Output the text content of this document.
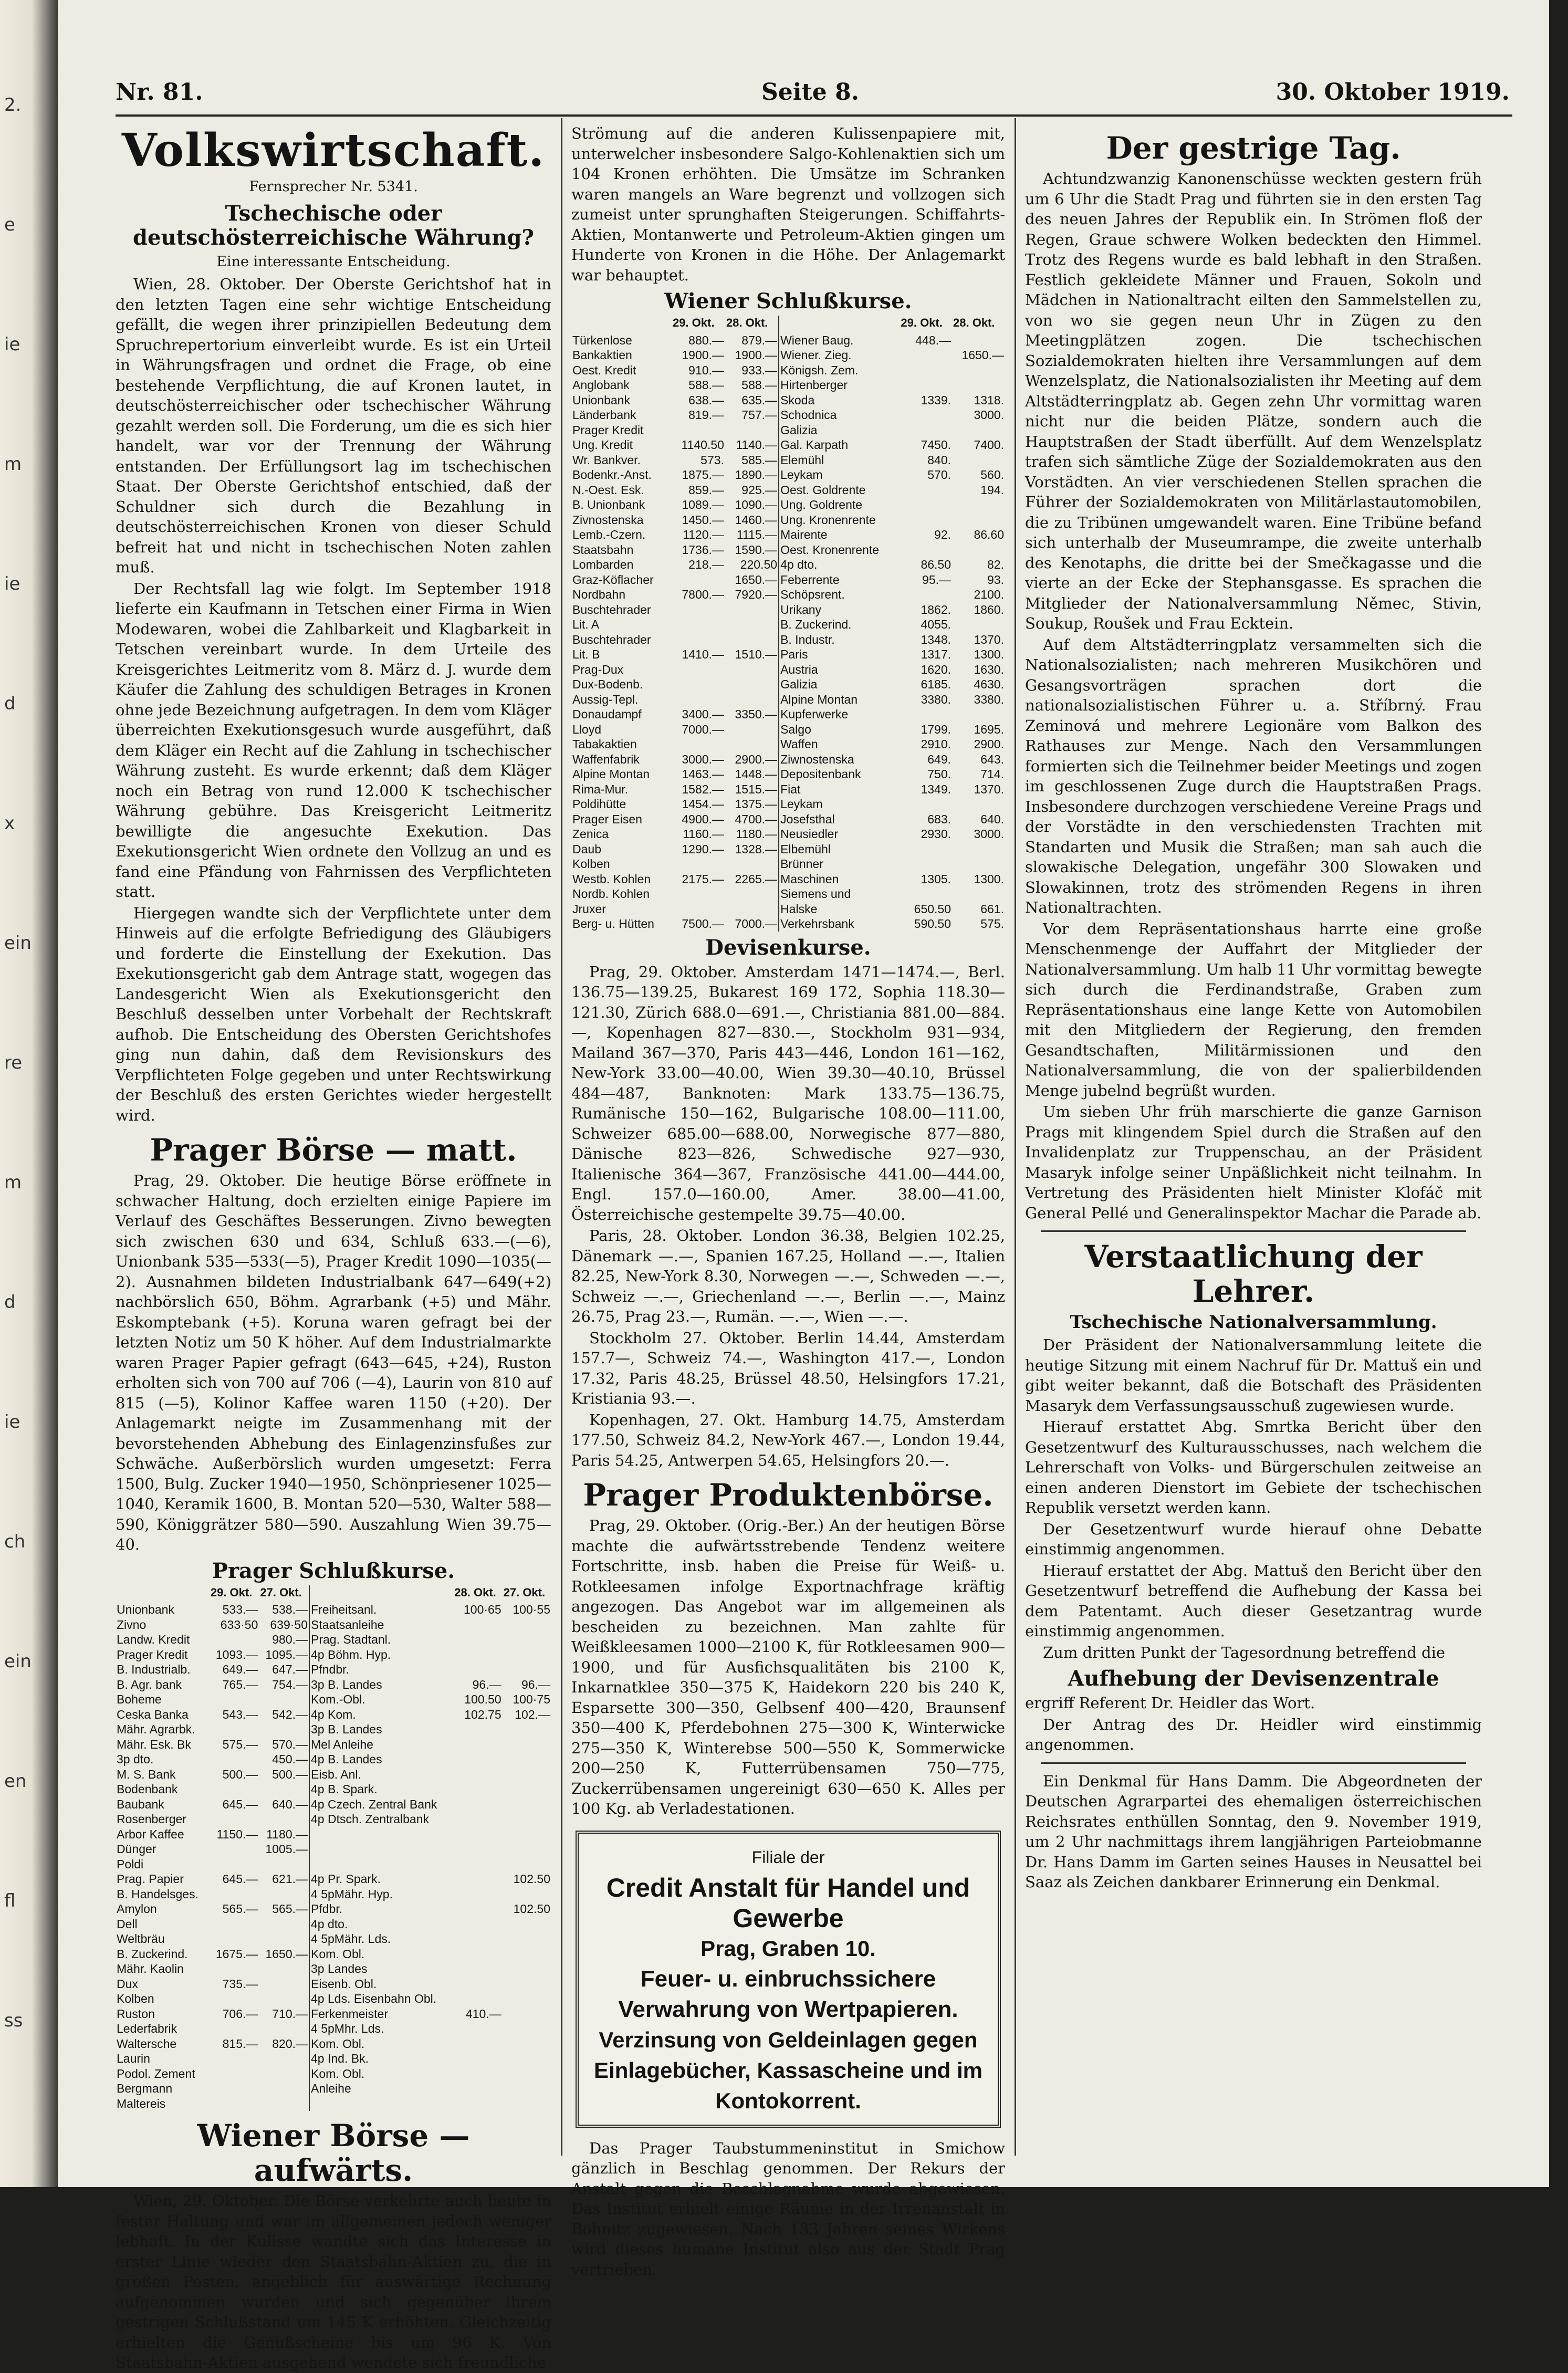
2.
e
ie
m
ie
d
x
ein
re
m
d
ie
ch
ein
en
fl
ss
Nr. 81.	Seite 8.	30. Oktober 1919.
Volkswirtschaft.
Fernsprecher Nr. 5341.
Tschechische oder deutschösterreichische Währung?
Eine interessante Entscheidung.

Wien, 28. Oktober. Der Oberste Gerichtshof hat in den letzten Tagen eine sehr wichtige Entscheidung gefällt, die wegen ihrer prinzipiellen Bedeutung dem Spruchrepertorium einverleibt wurde. Es ist ein Urteil in Währungsfragen und ordnet die Frage, ob eine bestehende Verpflichtung, die auf Kronen lautet, in deutschösterreichischer oder tschechischer Währung gezahlt werden soll. Die Forderung, um die es sich hier handelt, war vor der Trennung der Währung entstanden. Der Erfüllungsort lag im tschechischen Staat. Der Oberste Gerichtshof entschied, daß der Schuldner sich durch die Bezahlung in deutschösterreichischen Kronen von dieser Schuld befreit hat und nicht in tschechischen Noten zahlen muß.

Der Rechtsfall lag wie folgt. Im September 1918 lieferte ein Kaufmann in Tetschen einer Firma in Wien Modewaren, wobei die Zahlbarkeit und Klagbarkeit in Tetschen vereinbart wurde. In dem Urteile des Kreisgerichtes Leitmeritz vom 8. März d. J. wurde dem Käufer die Zahlung des schuldigen Betrages in Kronen ohne jede Bezeichnung aufgetragen. In dem vom Kläger überreichten Exekutionsgesuch wurde ausgeführt, daß dem Kläger ein Recht auf die Zahlung in tschechischer Währung zusteht. Es wurde erkennt; daß dem Kläger noch ein Betrag von rund 12.000 K tschechischer Währung gebühre. Das Kreisgericht Leitmeritz bewilligte die angesuchte Exekution. Das Exekutionsgericht Wien ordnete den Vollzug an und es fand eine Pfändung von Fahrnissen des Verpflichteten statt.

Hiergegen wandte sich der Verpflichtete unter dem Hinweis auf die erfolgte Befriedigung des Gläubigers und forderte die Einstellung der Exekution. Das Exekutionsgericht gab dem Antrage statt, wogegen das Landesgericht Wien als Exekutionsgericht den Beschluß desselben unter Vorbehalt der Rechtskraft aufhob. Die Entscheidung des Obersten Gerichtshofes ging nun dahin, daß dem Revisionskurs des Verpflichteten Folge gegeben und unter Rechtswirkung der Beschluß des ersten Gerichtes wieder hergestellt wird.

Prager Börse — matt.

Prag, 29. Oktober. Die heutige Börse eröffnete in schwacher Haltung, doch erzielten einige Papiere im Verlauf des Geschäftes Besserungen. Zivno bewegten sich zwischen 630 und 634, Schluß 633.—(—6), Unionbank 535—533(—5), Prager Kredit 1090—1035(—2). Ausnahmen bildeten Industrialbank 647—649(+2) nachbörslich 650, Böhm. Agrarbank (+5) und Mähr. Eskomptebank (+5). Koruna waren gefragt bei der letzten Notiz um 50 K höher. Auf dem Industrialmarkte waren Prager Papier gefragt (643—645, +24), Ruston erholten sich von 700 auf 706 (—4), Laurin von 810 auf 815 (—5), Kolinor Kaffee waren 1150 (+20). Der Anlagemarkt neigte im Zusammenhang mit der bevorstehenden Abhebung des Einlagenzinsfußes zur Schwäche. Außerbörslich wurden umgesetzt: Ferra 1500, Bulg. Zucker 1940—1950, Schönpriesener 1025—1040, Keramik 1600, B. Montan 520—530, Walter 588—590, Königgrätzer 580—590. Auszahlung Wien 39.75—40.

Prager Schlußkurse.
	29. Okt.	27. Okt.		28. Okt.	27. Okt.
Unionbank	533.—	538.—	Freiheitsanl.	100·65	100·55
Zivno	633·50	639·50	Staatsanleihe		
Landw. Kredit		980.—	Prag. Stadtanl.		
Prager Kredit	1093.—	1095.—	4p Böhm. Hyp.		
B. Industrialb.	649.—	647.—	Pfndbr.		
B. Agr. bank	765.—	754.—	3p B. Landes	96.—	96.—
Boheme			Kom.-Obl.	100.50	100·75
Ceska Banka	543.—	542.—	4p Kom.	102.75	102.—
Mähr. Agrarbk.			3p B. Landes		
Mähr. Esk. Bk	575.—	570.—	Mel Anleihe		
3p dto.		450.—	4p B. Landes		
M. S. Bank	500.—	500.—	Eisb. Anl.		
Bodenbank			4p B. Spark.		
Baubank	645.—	640.—	4p Czech. Zentral Bank		
Rosenberger			4p Dtsch. Zentralbank		
Arbor Kaffee	1150.—	1180.—			
Dünger		1005.—			
Poldi					
Prag. Papier	645.—	621.—	4p Pr. Spark.		102.50
B. Handelsges.			4 5pMähr. Hyp.		
Amylon	565.—	565.—	Pfdbr.		102.50
Dell			4p dto.		
Weltbräu			4 5pMähr. Lds.		
B. Zuckerind.	1675.—	1650.—	Kom. Obl.		
Mähr. Kaolin			3p Landes		
Dux	735.—		Eisenb. Obl.		
Kolben			4p Lds. Eisenbahn Obl.		
Ruston	706.—	710.—	Ferkenmeister	410.—	
Lederfabrik			4 5pMhr. Lds.		
Waltersche	815.—	820.—	Kom. Obl.		
Laurin			4p Ind. Bk.		
Podol. Zement			Kom. Obl.		
Bergmann			Anleihe		
Maltereis					
Wiener Börse — aufwärts.

Wien, 29. Oktober. Die Börse verkehrte auch heute in fester Haltung und war im allgemeinen jedoch weniger lebhaft. In der Kulisse wandte sich das Interesse in erster Linie wieder den Staatsbahn-Aktien zu, die in großen Posten, angeblich für auswärtige Rechnung aufgenommen wurden und sich gegenüber ihrem gestrigen Schlußstand um 145 K erhöhten. Gleichzeitig erhielten die Genußscheine bis um 96 K. Von Staatsbahn-Aktien ausgehend wendete sich freundliche

Strömung auf die anderen Kulissenpapiere mit, unterwelcher insbesondere Salgo-Kohlenaktien sich um 104 Kronen erhöhten. Die Umsätze im Schranken waren mangels an Ware begrenzt und vollzogen sich zumeist unter sprunghaften Steigerungen. Schiffahrts-Aktien, Montanwerte und Petroleum-Aktien gingen um Hunderte von Kronen in die Höhe. Der Anlagemarkt war behauptet.

Wiener Schlußkurse.
	29. Okt.	28. Okt.		29. Okt.	28. Okt.
Türkenlose	880.—	879.—	Wiener Baug.	448.—	
Bankaktien	1900.—	1900.—	Wiener. Zieg.		1650.—
Oest. Kredit	910.—	933.—	Königsh. Zem.		
Anglobank	588.—	588.—	Hirtenberger		
Unionbank	638.—	635.—	Skoda	1339.	1318.
Länderbank	819.—	757.—	Schodnica		3000.
Prager Kredit			Galizia		
Ung. Kredit	1140.50	1140.—	Gal. Karpath	7450.	7400.
Wr. Bankver.	573.	585.—	Elemühl	840.	
Bodenkr.-Anst.	1875.—	1890.—	Leykam	570.	560.
N.-Oest. Esk.	859.—	925.—	Oest. Goldrente		194.
B. Unionbank	1089.—	1090.—	Ung. Goldrente		
Zivnostenska	1450.—	1460.—	Ung. Kronenrente		
Lemb.-Czern.	1120.—	1115.—	Mairente	92.	86.60
Staatsbahn	1736.—	1590.—	Oest. Kronenrente		
Lombarden	218.—	220.50	4p dto.	86.50	82.
Graz-Köflacher		1650.—	Feberrente	95.—	93.
Nordbahn	7800.—	7920.—	Schöpsrent.		2100.
Buschtehrader			Urikany	1862.	1860.
Lit. A			B. Zuckerind.	4055.	
Buschtehrader			B. Industr.	1348.	1370.
Lit. B	1410.—	1510.—	Paris	1317.	1300.
Prag-Dux			Austria	1620.	1630.
Dux-Bodenb.			Galizia	6185.	4630.
Aussig-Tepl.			Alpine Montan	3380.	3380.
Donaudampf	3400.—	3350.—	Kupferwerke		
Lloyd	7000.—		Salgo	1799.	1695.
Tabakaktien			Waffen	2910.	2900.
Waffenfabrik	3000.—	2900.—	Ziwnostenska	649.	643.
Alpine Montan	1463.—	1448.—	Depositenbank	750.	714.
Rima-Mur.	1582.—	1515.—	Fiat	1349.	1370.
Poldihütte	1454.—	1375.—	Leykam		
Prager Eisen	4900.—	4700.—	Josefsthal	683.	640.
Zenica	1160.—	1180.—	Neusiedler	2930.	3000.
Daub	1290.—	1328.—	Elbemühl		
Kolben			Brünner		
Westb. Kohlen	2175.—	2265.—	Maschinen	1305.	1300.
Nordb. Kohlen			Siemens und		
Jruxer			Halske	650.50	661.
Berg- u. Hütten	7500.—	7000.—	Verkehrsbank	590.50	575.
Devisenkurse.

Prag, 29. Oktober. Amsterdam 1471—1474.—, Berl. 136.75—139.25, Bukarest 169 172, Sophia 118.30—121.30, Zürich 688.0—691.—, Christiania 881.00—884.—, Kopenhagen 827—830.—, Stockholm 931—934, Mailand 367—370, Paris 443—446, London 161—162, New-York 33.00—40.00, Wien 39.30—40.10, Brüssel 484—487, Banknoten: Mark 133.75—136.75, Rumänische 150—162, Bulgarische 108.00—111.00, Schweizer 685.00—688.00, Norwegische 877—880, Dänische 823—826, Schwedische 927—930, Italienische 364—367, Französische 441.00—444.00, Engl. 157.0—160.00, Amer. 38.00—41.00, Österreichische gestempelte 39.75—40.00.

Paris, 28. Oktober. London 36.38, Belgien 102.25, Dänemark —.—, Spanien 167.25, Holland —.—, Italien 82.25, New-York 8.30, Norwegen —.—, Schweden —.—, Schweiz —.—, Griechenland —.—, Berlin —.—, Mainz 26.75, Prag 23.—, Rumän. —.—, Wien —.—.

Stockholm 27. Oktober. Berlin 14.44, Amsterdam 157.7—, Schweiz 74.—, Washington 417.—, London 17.32, Paris 48.25, Brüssel 48.50, Helsingfors 17.21, Kristiania 93.—.

Kopenhagen, 27. Okt. Hamburg 14.75, Amsterdam 177.50, Schweiz 84.2, New-York 467.—, London 19.44, Paris 54.25, Antwerpen 54.65, Helsingfors 20.—.

Prager Produktenbörse.

Prag, 29. Oktober. (Orig.-Ber.) An der heutigen Börse machte die aufwärtsstrebende Tendenz weitere Fortschritte, insb. haben die Preise für Weiß- u. Rotkleesamen infolge Exportnachfrage kräftig angezogen. Das Angebot war im allgemeinen als bescheiden zu bezeichnen. Man zahlte für Weißkleesamen 1000—2100 K, für Rotkleesamen 900—1900, und für Ausfichsqualitäten bis 2100 K, Inkarnatklee 350—375 K, Haidekorn 220 bis 240 K, Esparsette 300—350, Gelbsenf 400—420, Braunsenf 350—400 K, Pferdebohnen 275—300 K, Winterwicke 275—350 K, Winterebse 500—550 K, Sommerwicke 200—250 K, Futterrübensamen 750—775, Zuckerrübensamen ungereinigt 630—650 K. Alles per 100 Kg. ab Verladestationen.

Filiale der
Credit Anstalt für Handel und Gewerbe
Prag, Graben 10.
Feuer- u. einbruchssichere Verwahrung von Wertpapieren.
Verzinsung von Geldeinlagen gegen Einlagebücher, Kassascheine und im Kontokorrent.

Das Prager Taubstummeninstitut in Smichow gänzlich in Beschlag genommen. Der Rekurs der Anstalt gegen die Beschlagnahme wurde abgewiesen. Das Institut erhielt einige Räume in der Irrenanstalt in Bohnitz zugewiesen. Nach 133 Jahren seines Wirkens wird dieses humane Institut also aus der Stadt Prag vertrieben.

Der gestrige Tag.

Achtundzwanzig Kanonenschüsse weckten gestern früh um 6 Uhr die Stadt Prag und führten sie in den ersten Tag des neuen Jahres der Republik ein. In Strömen floß der Regen, Graue schwere Wolken bedeckten den Himmel. Trotz des Regens wurde es bald lebhaft in den Straßen. Festlich gekleidete Männer und Frauen, Sokoln und Mädchen in Nationaltracht eilten den Sammelstellen zu, von wo sie gegen neun Uhr in Zügen zu den Meetingplätzen zogen. Die tschechischen Sozialdemokraten hielten ihre Versammlungen auf dem Wenzelsplatz, die Nationalsozialisten ihr Meeting auf dem Altstädterringplatz ab. Gegen zehn Uhr vormittag waren nicht nur die beiden Plätze, sondern auch die Hauptstraßen der Stadt überfüllt. Auf dem Wenzelsplatz trafen sich sämtliche Züge der Sozialdemokraten aus den Vorstädten. An vier verschiedenen Stellen sprachen die Führer der Sozialdemokraten von Militärlastautomobilen, die zu Tribünen umgewandelt waren. Eine Tribüne befand sich unterhalb der Museumrampe, die zweite unterhalb des Kenotaphs, die dritte bei der Smečkagasse und die vierte an der Ecke der Stephansgasse. Es sprachen die Mitglieder der Nationalversammlung Němec, Stivin, Soukup, Roušek und Frau Ecktein.

Auf dem Altstädterringplatz versammelten sich die Nationalsozialisten; nach mehreren Musikchören und Gesangsvorträgen sprachen dort die nationalsozialistischen Führer u. a. Stříbrný. Frau Zeminová und mehrere Legionäre vom Balkon des Rathauses zur Menge. Nach den Versammlungen formierten sich die Teilnehmer beider Meetings und zogen im geschlossenen Zuge durch die Hauptstraßen Prags. Insbesondere durchzogen verschiedene Vereine Prags und der Vorstädte in den verschiedensten Trachten mit Standarten und Musik die Straßen; man sah auch die slowakische Delegation, ungefähr 300 Slowaken und Slowakinnen, trotz des strömenden Regens in ihren Nationaltrachten.

Vor dem Repräsentationshaus harrte eine große Menschenmenge der Auffahrt der Mitglieder der Nationalversammlung. Um halb 11 Uhr vormittag bewegte sich durch die Ferdinandstraße, Graben zum Repräsentationshaus eine lange Kette von Automobilen mit den Mitgliedern der Regierung, den fremden Gesandtschaften, Militärmissionen und den Nationalversammlung, die von der spalierbildenden Menge jubelnd begrüßt wurden.

Um sieben Uhr früh marschierte die ganze Garnison Prags mit klingendem Spiel durch die Straßen auf den Invalidenplatz zur Truppenschau, an der Präsident Masaryk infolge seiner Unpäßlichkeit nicht teilnahm. In Vertretung des Präsidenten hielt Minister Klofáč mit General Pellé und Generalinspektor Machar die Parade ab.

Verstaatlichung der Lehrer.
Tschechische Nationalversammlung.

Der Präsident der Nationalversammlung leitete die heutige Sitzung mit einem Nachruf für Dr. Mattuš ein und gibt weiter bekannt, daß die Botschaft des Präsidenten Masaryk dem Verfassungsausschuß zugewiesen wurde.

Hierauf erstattet Abg. Smrtka Bericht über den Gesetzentwurf des Kulturausschusses, nach welchem die Lehrerschaft von Volks- und Bürgerschulen zeitweise an einen anderen Dienstort im Gebiete der tschechischen Republik versetzt werden kann.

Der Gesetzentwurf wurde hierauf ohne Debatte einstimmig angenommen.

Hierauf erstattet der Abg. Mattuš den Bericht über den Gesetzentwurf betreffend die Aufhebung der Kassa bei dem Patentamt. Auch dieser Gesetzantrag wurde einstimmig angenommen.

Zum dritten Punkt der Tagesordnung betreffend die

Aufhebung der Devisenzentrale

ergriff Referent Dr. Heidler das Wort.

Der Antrag des Dr. Heidler wird einstimmig angenommen.

Ein Denkmal für Hans Damm. Die Abgeordneten der Deutschen Agrarpartei des ehemaligen österreichischen Reichsrates enthüllen Sonntag, den 9. November 1919, um 2 Uhr nachmittags ihrem langjährigen Parteiobmanne Dr. Hans Damm im Garten seines Hauses in Neusattel bei Saaz als Zeichen dankbarer Erinnerung ein Denkmal.
